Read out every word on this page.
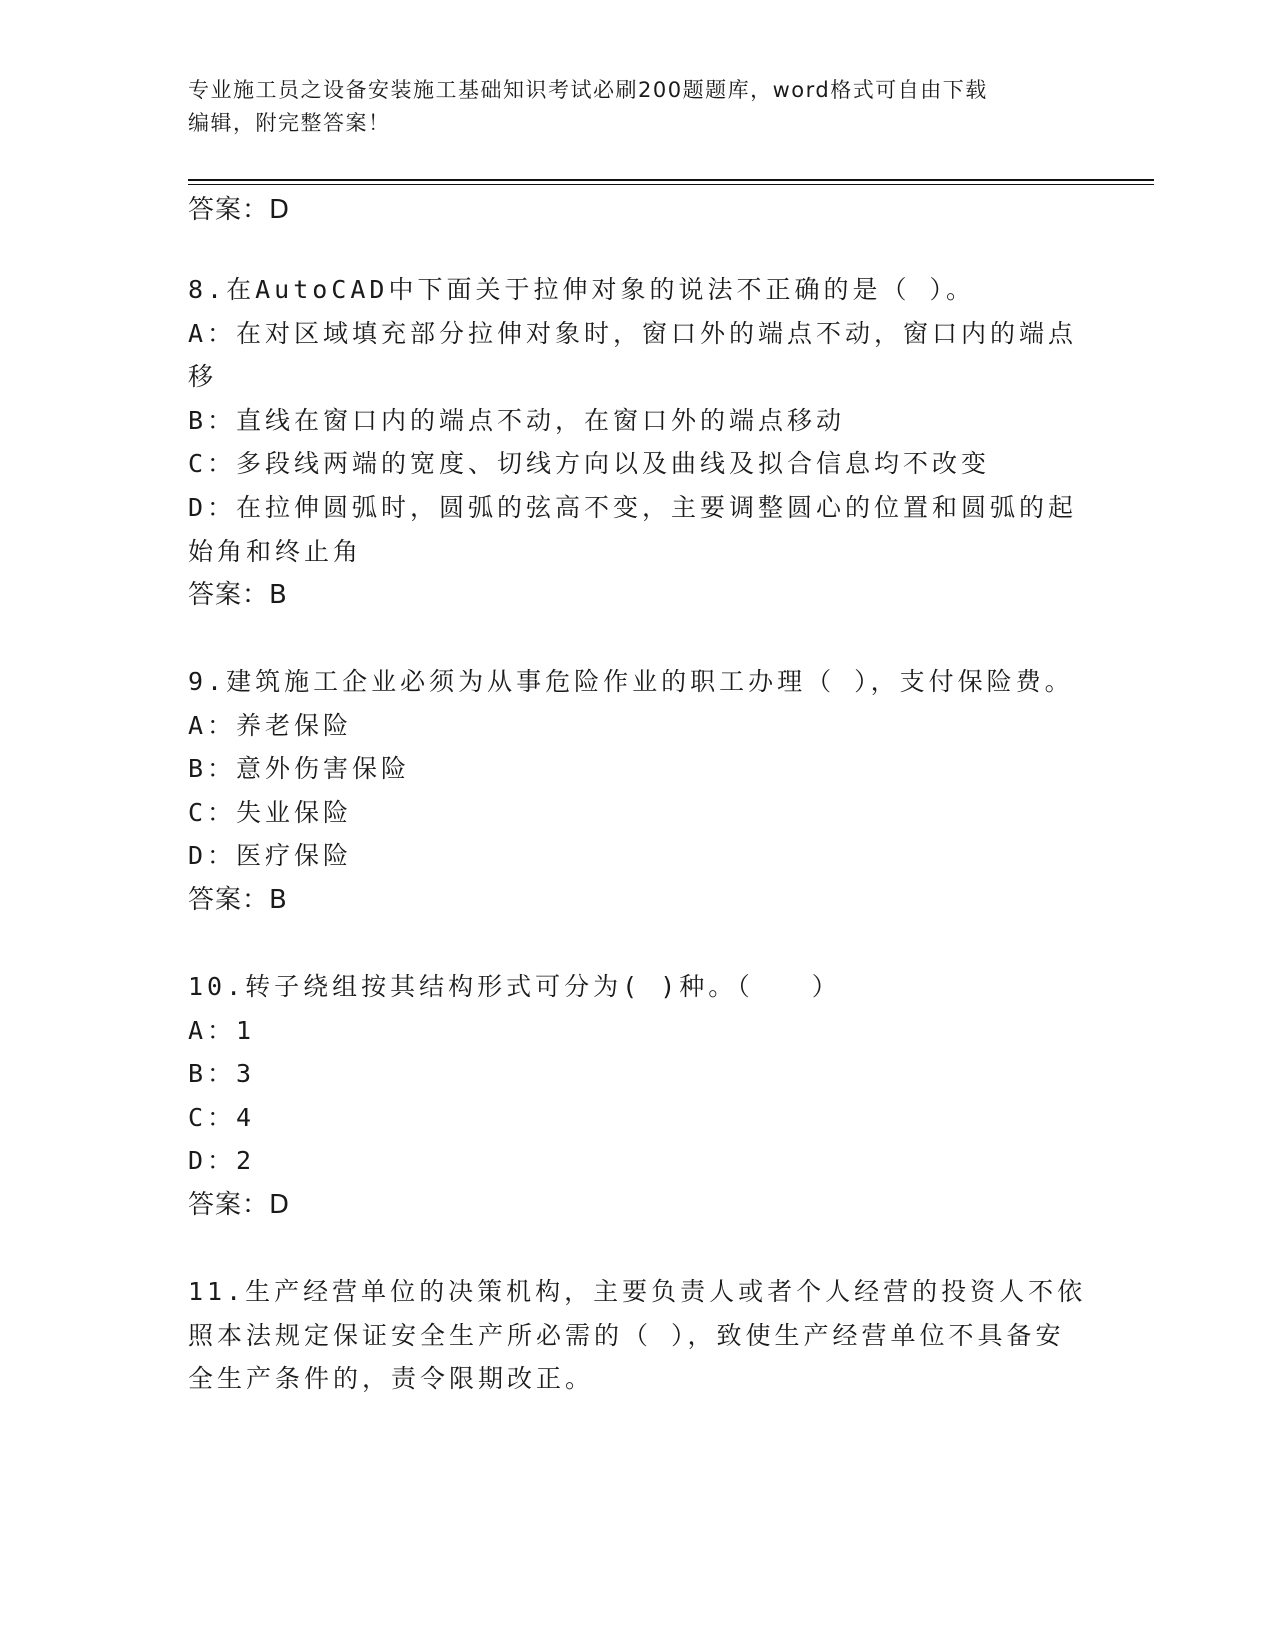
专业施工员之设备安装施工基础知识考试必刷200题题库，word格式可自由下载
编辑，附完整答案！
答案：D
8.在AutoCAD中下面关于拉伸对象的说法不正确的是（ ）。
A：在对区域填充部分拉伸对象时，窗口外的端点不动，窗口内的端点
移
B：直线在窗口内的端点不动，在窗口外的端点移动
C：多段线两端的宽度、切线方向以及曲线及拟合信息均不改变
D：在拉伸圆弧时，圆弧的弦高不变，主要调整圆心的位置和圆弧的起
始角和终止角
答案：B
9.建筑施工企业必须为从事危险作业的职工办理（ ），支付保险费。
A：养老保险
B：意外伤害保险
C：失业保险
D：医疗保险
答案：B
10.转子绕组按其结构形式可分为( )种。（　　）
A：1
B：3
C：4
D：2
答案：D
11.生产经营单位的决策机构，主要负责人或者个人经营的投资人不依
照本法规定保证安全生产所必需的（ ），致使生产经营单位不具备安
全生产条件的，责令限期改正。
